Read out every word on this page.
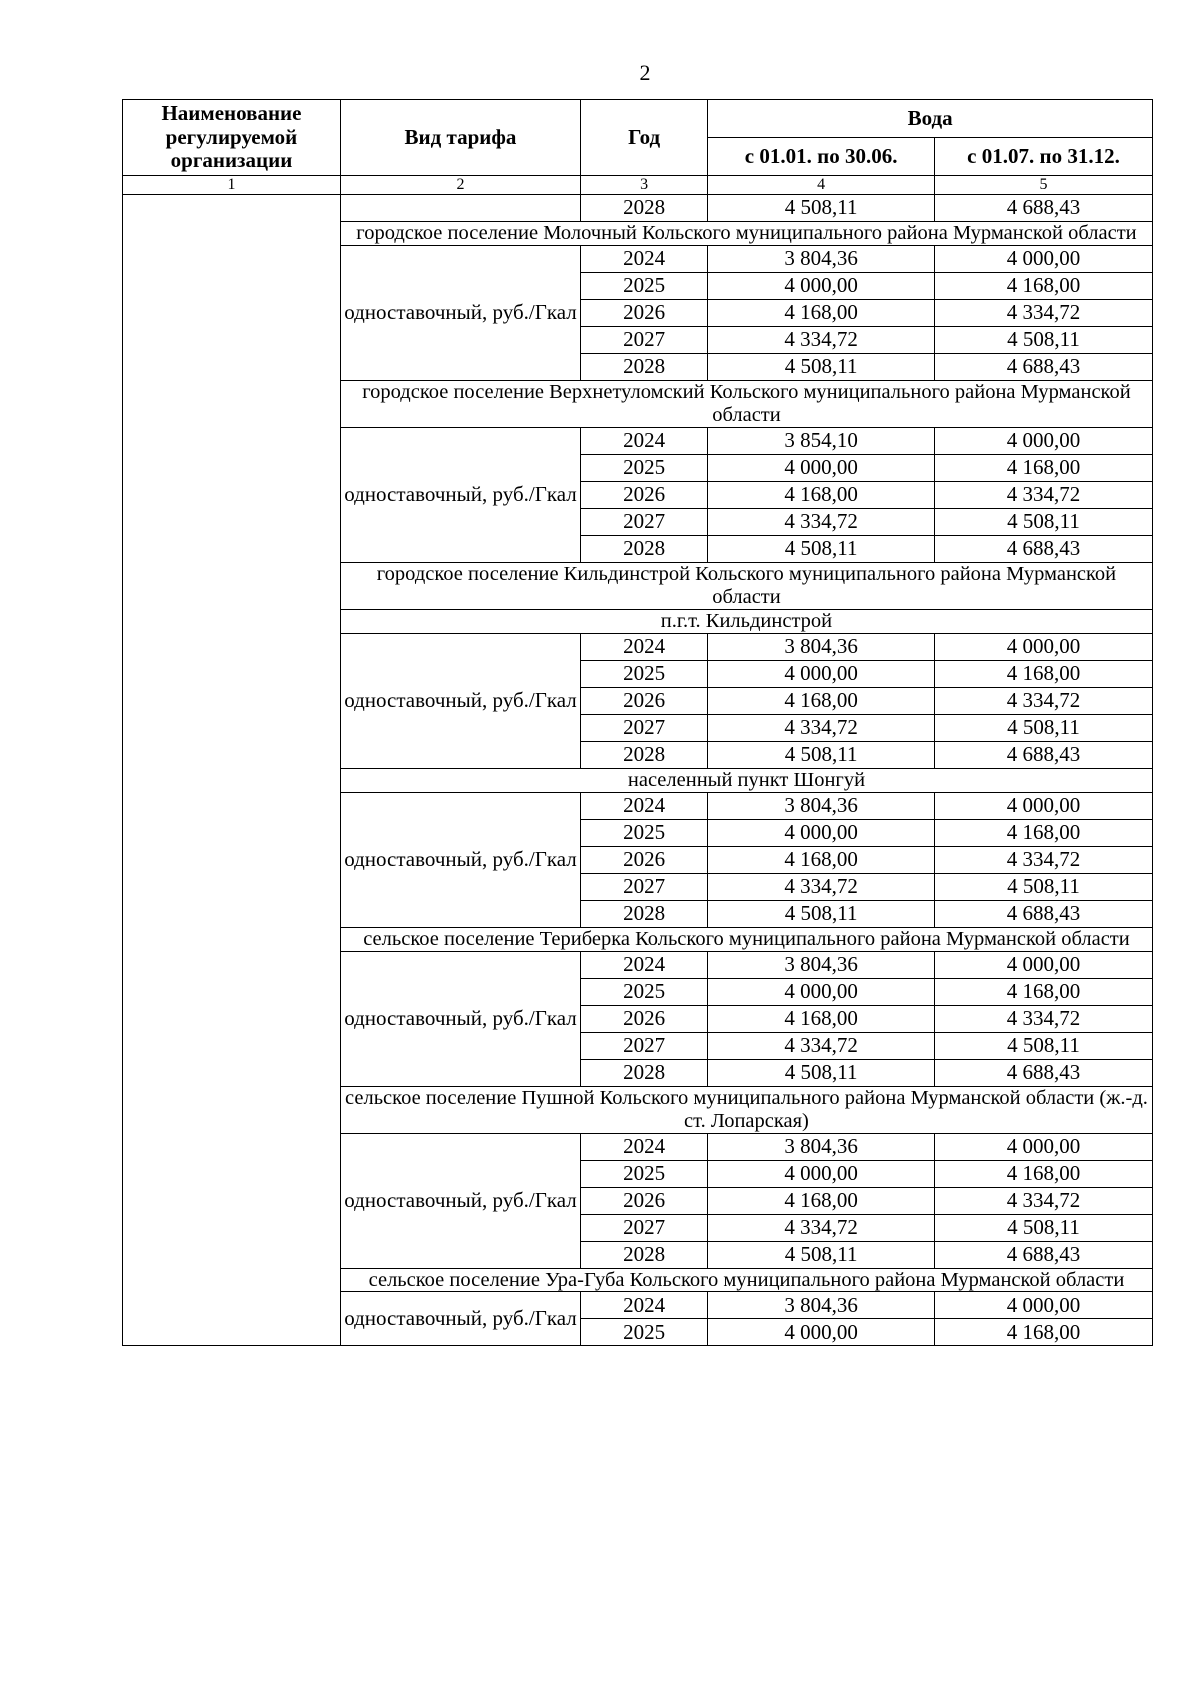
2
Наименование регулируемой организации	Вид тарифа	Год	Вода	
			с 01.01. по 30.06.	с 01.07. по 31.12.
1	2	3	4	5
		2028	4 508,11	4 688,43
	городское поселение Молочный Кольского муниципального района Мурманской области			
	одноставочный, руб./Гкал	2024	3 804,36	4 000,00
		2025	4 000,00	4 168,00
		2026	4 168,00	4 334,72
		2027	4 334,72	4 508,11
		2028	4 508,11	4 688,43
	городское поселение Верхнетуломский Кольского муниципального района Мурманской области			
	одноставочный, руб./Гкал	2024	3 854,10	4 000,00
		2025	4 000,00	4 168,00
		2026	4 168,00	4 334,72
		2027	4 334,72	4 508,11
		2028	4 508,11	4 688,43
	городское поселение Кильдинстрой Кольского муниципального района Мурманской области			
	п.г.т. Кильдинстрой			
	одноставочный, руб./Гкал	2024	3 804,36	4 000,00
		2025	4 000,00	4 168,00
		2026	4 168,00	4 334,72
		2027	4 334,72	4 508,11
		2028	4 508,11	4 688,43
	населенный пункт Шонгуй			
	одноставочный, руб./Гкал	2024	3 804,36	4 000,00
		2025	4 000,00	4 168,00
		2026	4 168,00	4 334,72
		2027	4 334,72	4 508,11
		2028	4 508,11	4 688,43
	сельское поселение Териберка Кольского муниципального района Мурманской области			
	одноставочный, руб./Гкал	2024	3 804,36	4 000,00
		2025	4 000,00	4 168,00
		2026	4 168,00	4 334,72
		2027	4 334,72	4 508,11
		2028	4 508,11	4 688,43
	сельское поселение Пушной Кольского муниципального района Мурманской области (ж.-д. ст. Лопарская)			
	одноставочный, руб./Гкал	2024	3 804,36	4 000,00
		2025	4 000,00	4 168,00
		2026	4 168,00	4 334,72
		2027	4 334,72	4 508,11
		2028	4 508,11	4 688,43
	сельское поселение Ура-Губа Кольского муниципального района Мурманской области			
	одноставочный, руб./Гкал	2024	3 804,36	4 000,00
		2025	4 000,00	4 168,00
